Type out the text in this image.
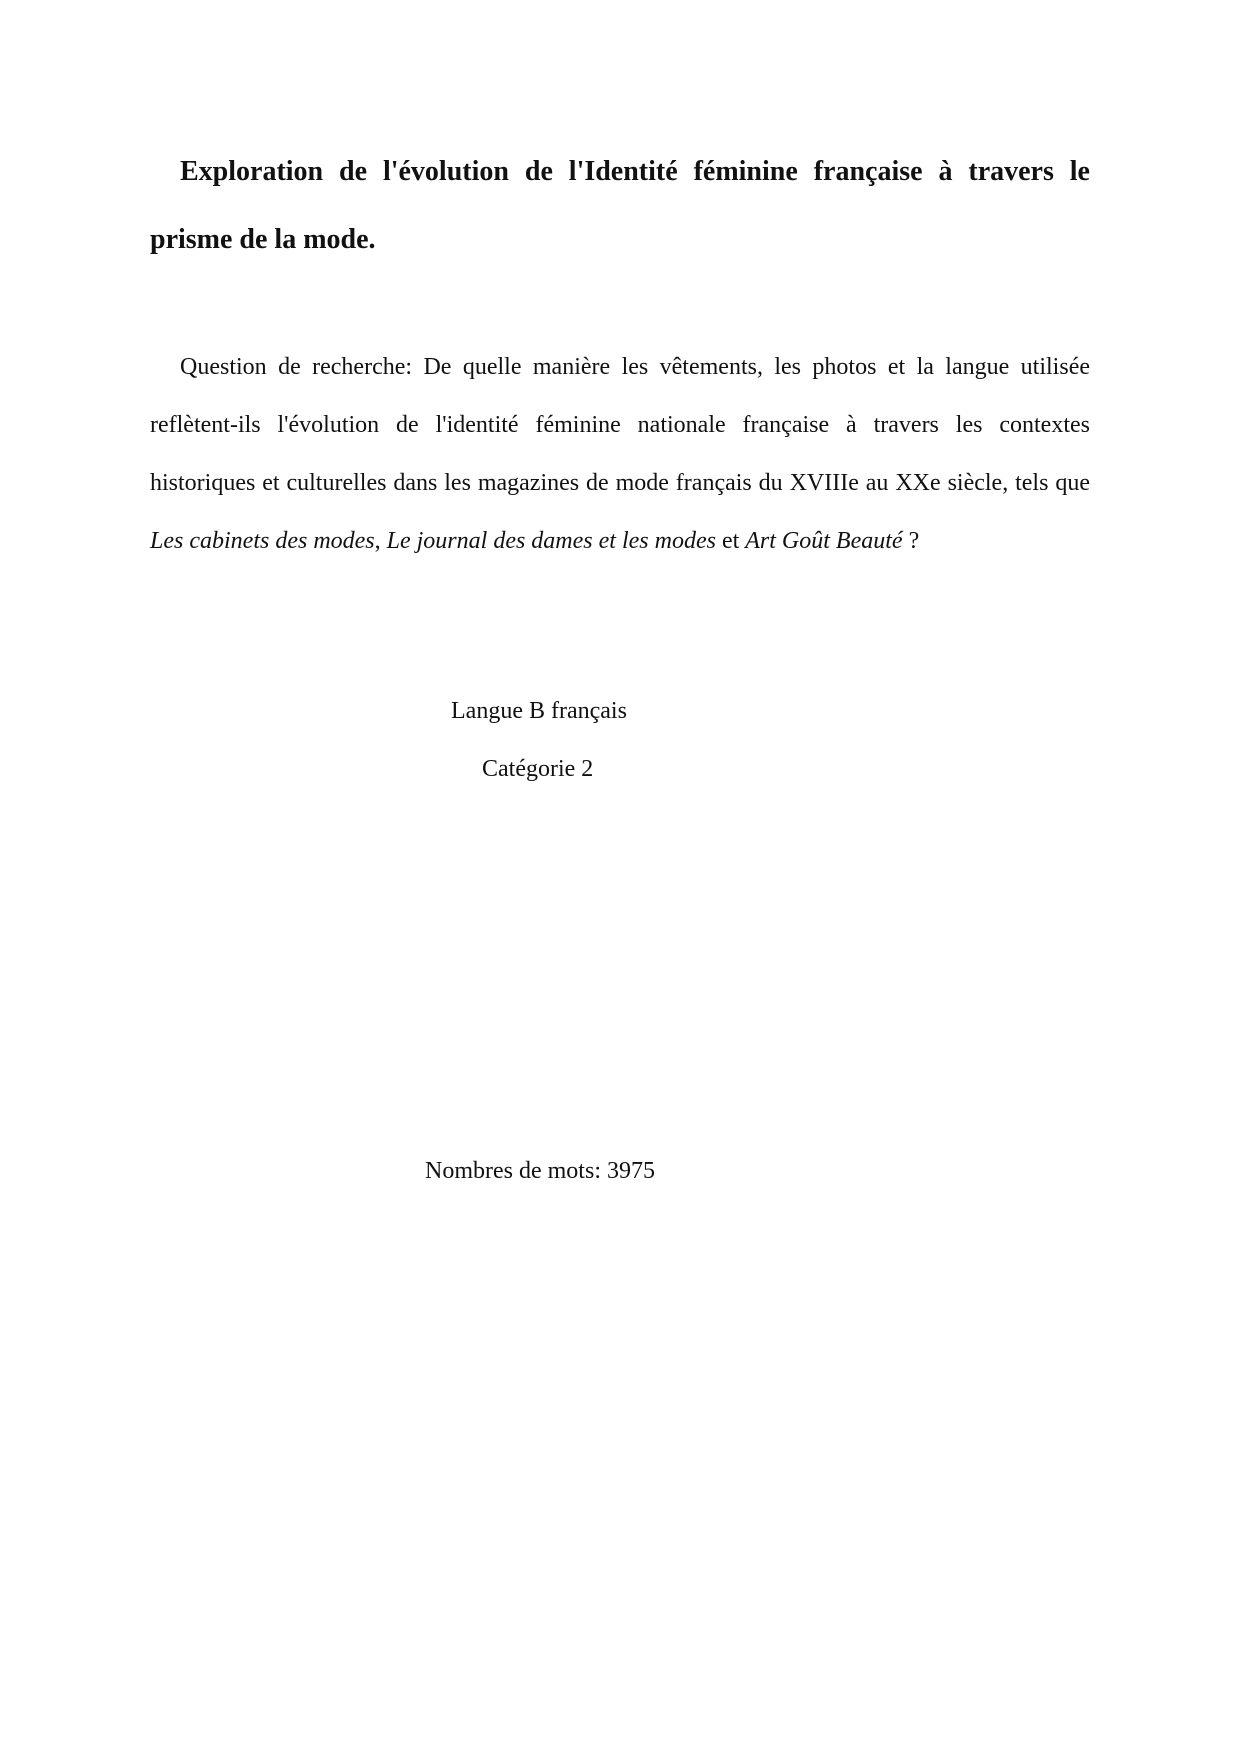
Exploration de l'évolution de l'Identité féminine française à travers le prisme de la mode.

Question de recherche: De quelle manière les vêtements, les photos et la langue utilisée reflètent-ils l'évolution de l'identité féminine nationale française à travers les contextes historiques et culturelles dans les magazines de mode français du XVIIIe au XXe siècle, tels que Les cabinets des modes, Le journal des dames et les modes et Art Goût Beauté ?

Langue B français

Catégorie 2

Nombres de mots: 3975
